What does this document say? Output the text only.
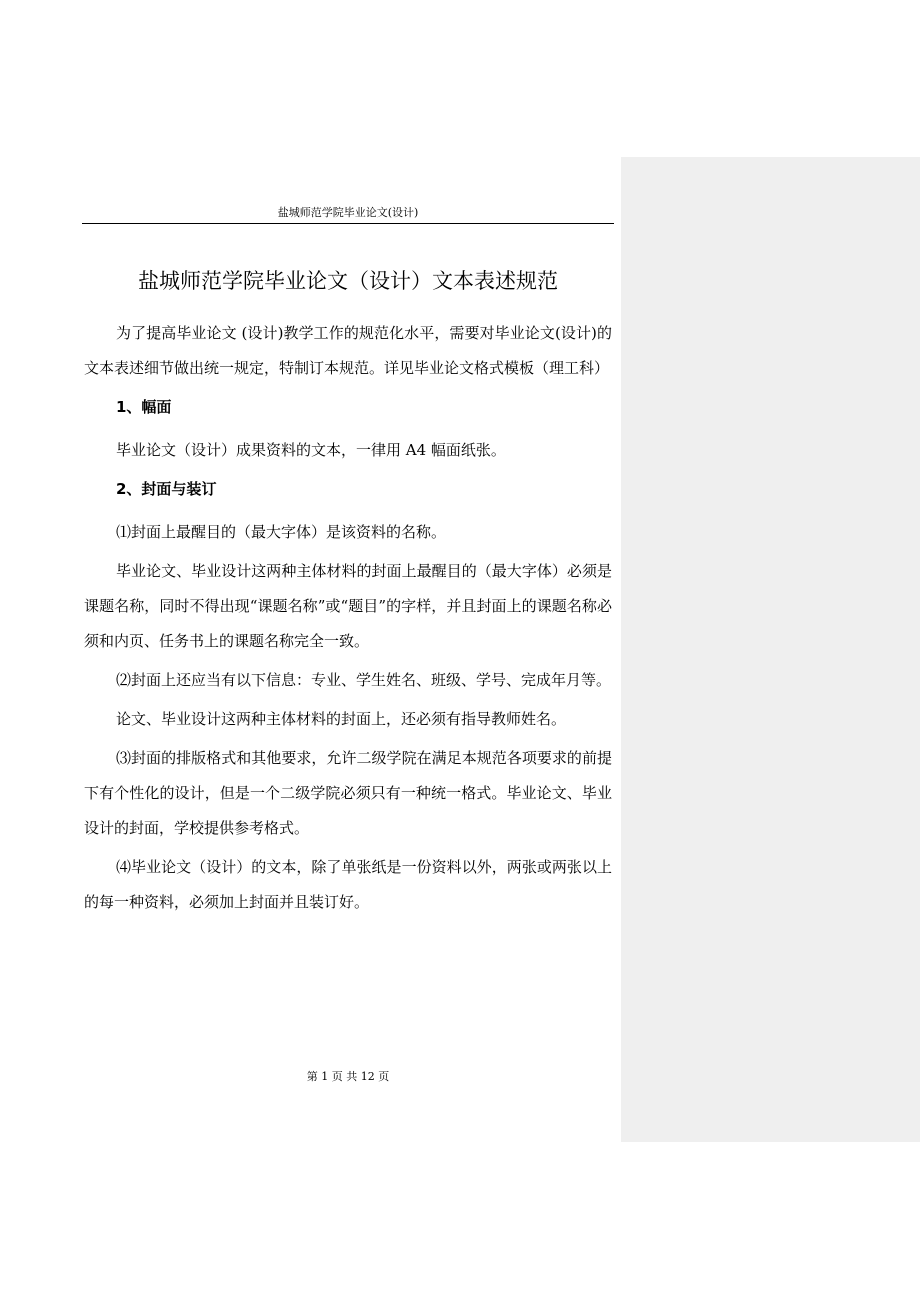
盐城师范学院毕业论文(设计)
盐城师范学院毕业论文（设计）文本表述规范

为了提高毕业论文 (设计)教学工作的规范化水平，需要对毕业论文(设计)的文本表述细节做出统一规定，特制订本规范。详见毕业论文格式模板（理工科）

1、幅面

毕业论文（设计）成果资料的文本，一律用 A4 幅面纸张。

2、封面与装订

⑴封面上最醒目的（最大字体）是该资料的名称。

毕业论文、毕业设计这两种主体材料的封面上最醒目的（最大字体）必须是课题名称，同时不得出现“课题名称”或“题目”的字样，并且封面上的课题名称必须和内页、任务书上的课题名称完全一致。

⑵封面上还应当有以下信息：专业、学生姓名、班级、学号、完成年月等。

论文、毕业设计这两种主体材料的封面上，还必须有指导教师姓名。

⑶封面的排版格式和其他要求，允许二级学院在满足本规范各项要求的前提下有个性化的设计，但是一个二级学院必须只有一种统一格式。毕业论文、毕业设计的封面，学校提供参考格式。

⑷毕业论文（设计）的文本，除了单张纸是一份资料以外，两张或两张以上的每一种资料，必须加上封面并且装订好。

第 1 页 共 12 页
